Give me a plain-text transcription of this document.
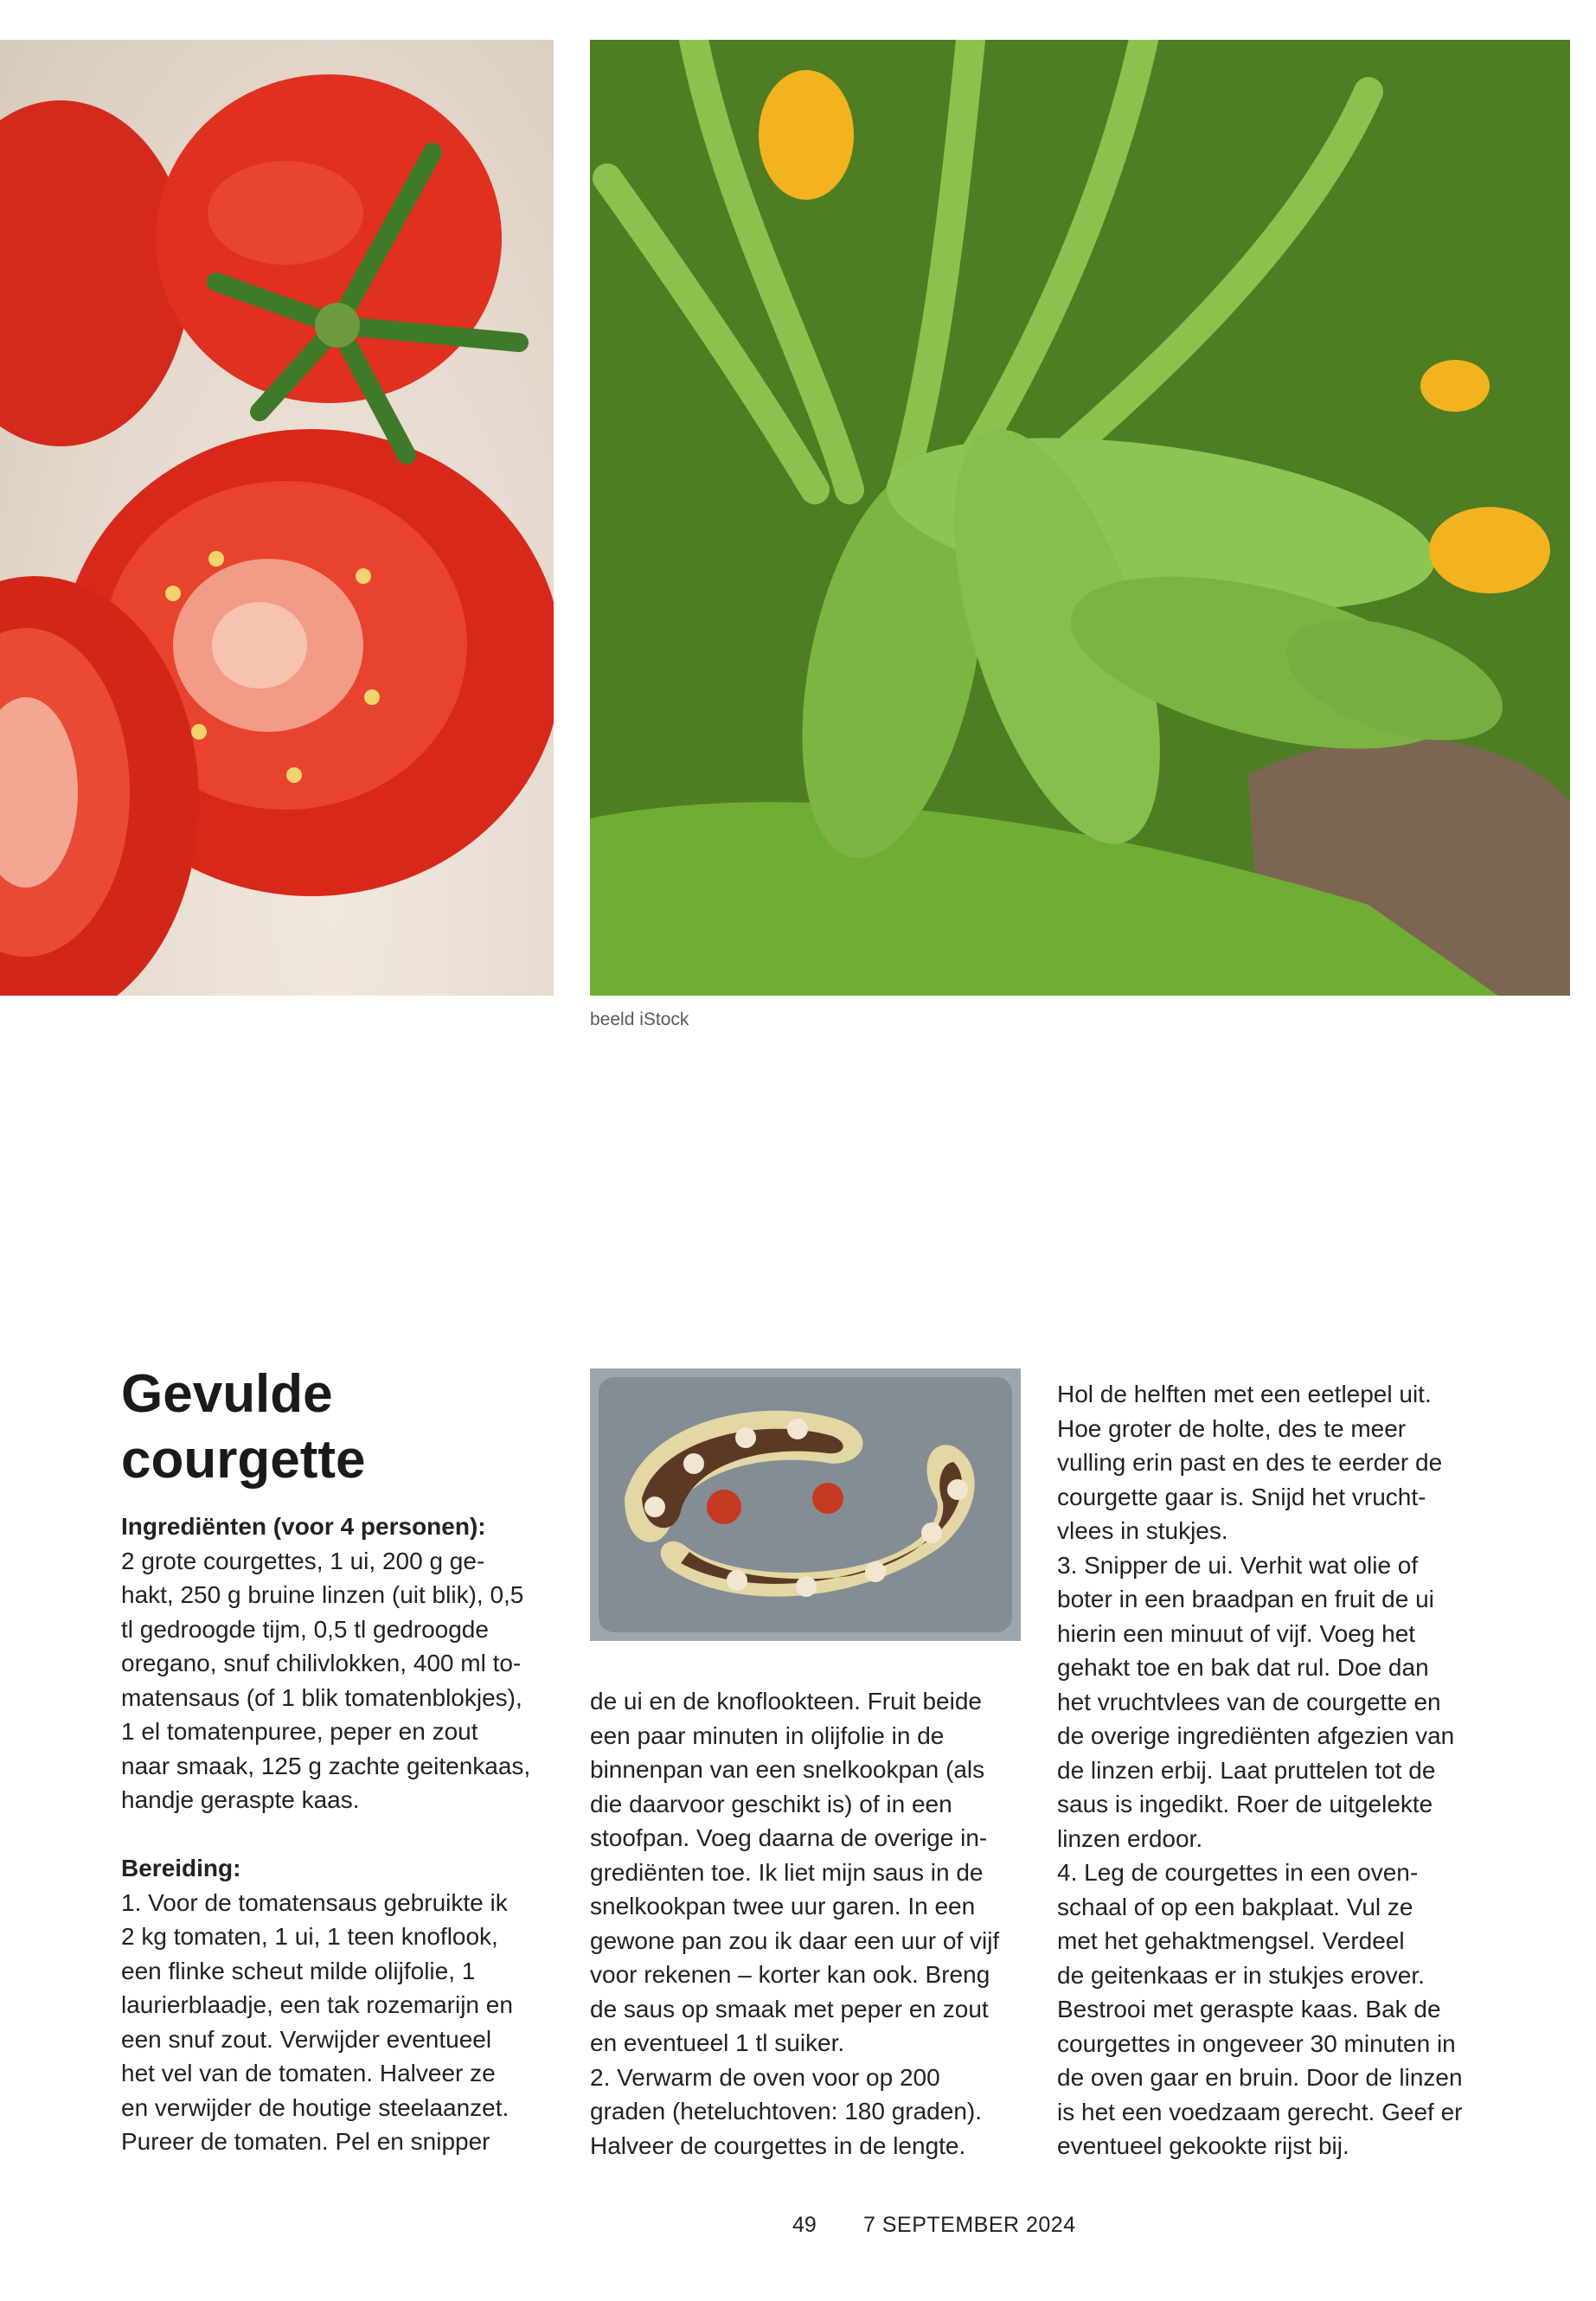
beeld iStock
Gevulde
courgette

Ingrediënten (voor 4 personen):

2 grote courgettes, 1 ui, 200 g ge-

hakt, 250 g bruine linzen (uit blik), 0,5

tl gedroogde tijm, 0,5 tl gedroogde

oregano, snuf chilivlokken, 400 ml to-

matensaus (of 1 blik tomatenblokjes),

1 el tomatenpuree, peper en zout

naar smaak, 125 g zachte geitenkaas,

handje geraspte kaas.

Bereiding:

1. Voor de tomatensaus gebruikte ik

2 kg tomaten, 1 ui, 1 teen knoflook,

een flinke scheut milde olijfolie, 1

laurierblaadje, een tak rozemarijn en

een snuf zout. Verwijder eventueel

het vel van de tomaten. Halveer ze

en verwijder de houtige steelaanzet.

Pureer de tomaten. Pel en snipper

de ui en de knoflookteen. Fruit beide

een paar minuten in olijfolie in de

binnenpan van een snelkookpan (als

die daarvoor geschikt is) of in een

stoofpan. Voeg daarna de overige in-

grediënten toe. Ik liet mijn saus in de

snelkookpan twee uur garen. In een

gewone pan zou ik daar een uur of vijf

voor rekenen – korter kan ook. Breng

de saus op smaak met peper en zout

en eventueel 1 tl suiker.

2. Verwarm de oven voor op 200

graden (heteluchtoven: 180 graden).

Halveer de courgettes in de lengte.

Hol de helften met een eetlepel uit.

Hoe groter de holte, des te meer

vulling erin past en des te eerder de

courgette gaar is. Snijd het vrucht-

vlees in stukjes.

3. Snipper de ui. Verhit wat olie of

boter in een braadpan en fruit de ui

hierin een minuut of vijf. Voeg het

gehakt toe en bak dat rul. Doe dan

het vruchtvlees van de courgette en

de overige ingrediënten afgezien van

de linzen erbij. Laat pruttelen tot de

saus is ingedikt. Roer de uitgelekte

linzen erdoor.

4. Leg de courgettes in een oven-

schaal of op een bakplaat. Vul ze

met het gehaktmengsel. Verdeel

de geitenkaas er in stukjes erover.

Bestrooi met geraspte kaas. Bak de

courgettes in ongeveer 30 minuten in

de oven gaar en bruin. Door de linzen

is het een voedzaam gerecht. Geef er

eventueel gekookte rijst bij.

49 7 SEPTEMBER 2024
